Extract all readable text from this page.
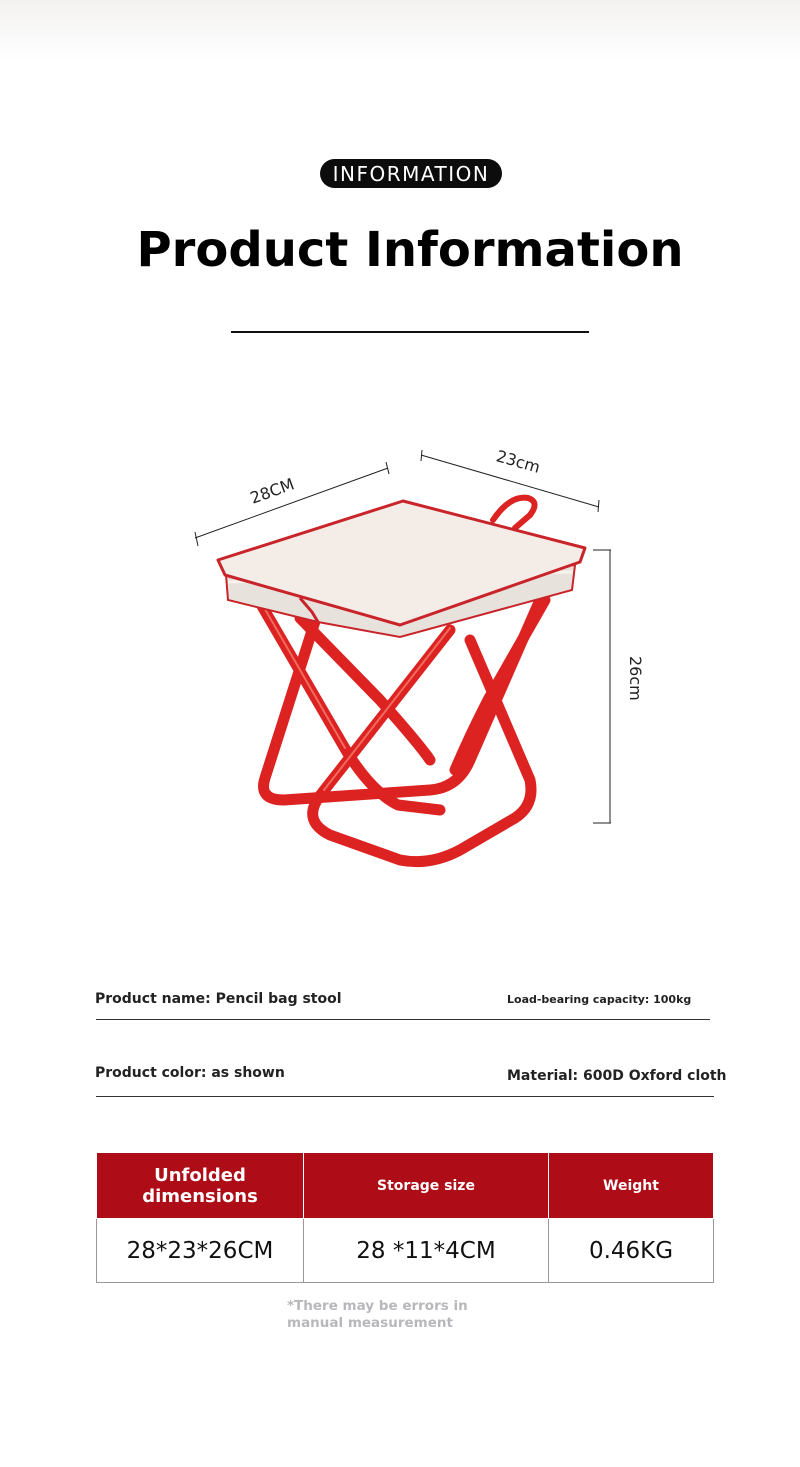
INFORMATION
Product Information
28CM
23cm
26cm
Product name: Pencil bag stool	Load-bearing capacity: 100kg
Product color: as shown	Material: 600D Oxford cloth
Unfolded dimensions	Storage size	Weight
28*23*26CM	28 *11*4CM	0.46KG
*There may be errors in manual measurement
